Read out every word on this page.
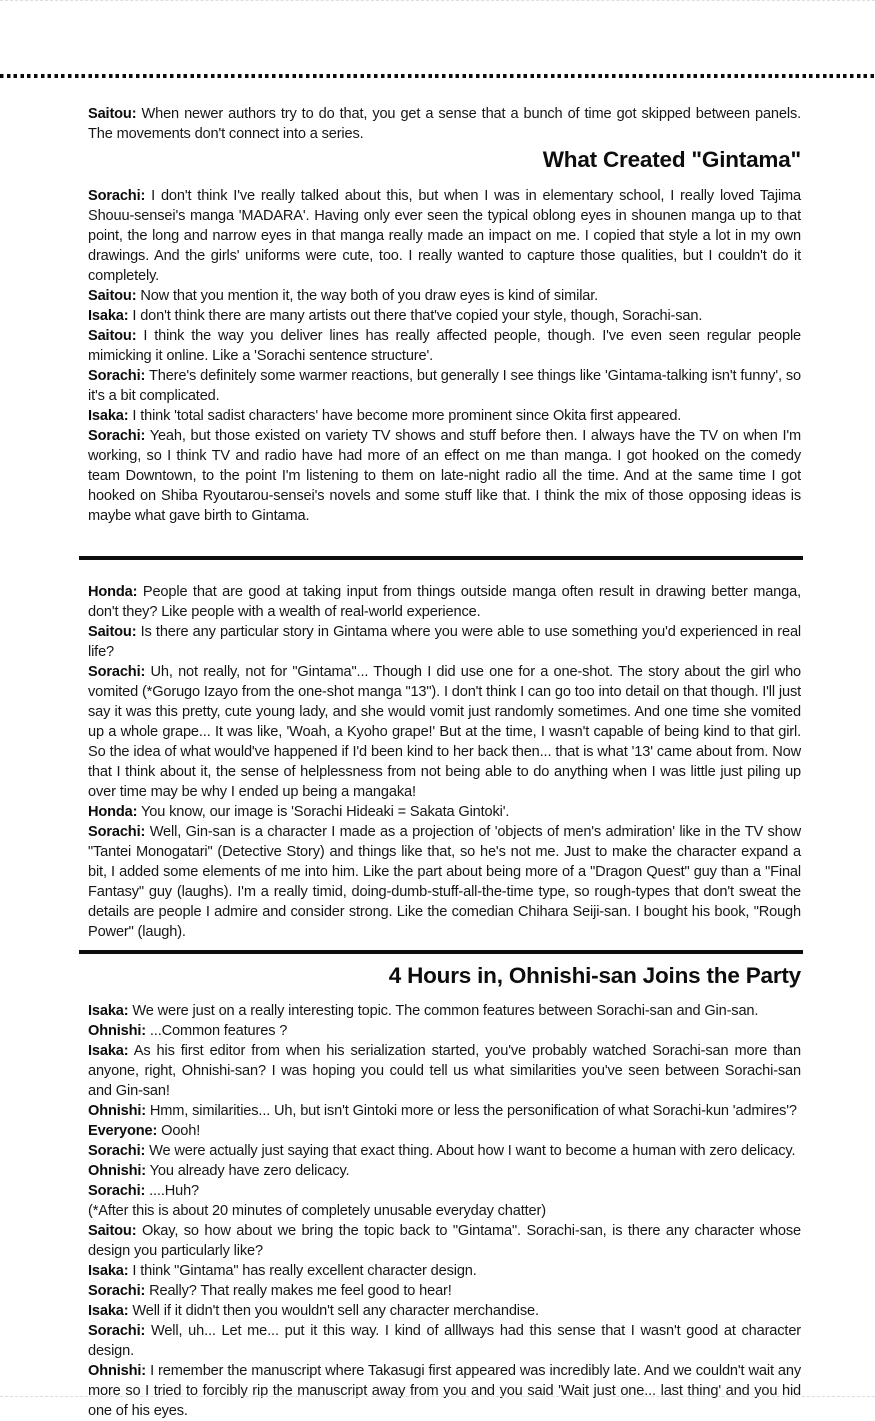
Saitou: When newer authors try to do that, you get a sense that a bunch of time got skipped between panels. The movements don't connect into a series.

What Created "Gintama"

Sorachi: I don't think I've really talked about this, but when I was in elementary school, I really loved Tajima Shouu-sensei's manga 'MADARA'. Having only ever seen the typical oblong eyes in shounen manga up to that point, the long and narrow eyes in that manga really made an impact on me. I copied that style a lot in my own drawings. And the girls' uniforms were cute, too. I really wanted to capture those qualities, but I couldn't do it completely.

Saitou: Now that you mention it, the way both of you draw eyes is kind of similar.

Isaka: I don't think there are many artists out there that've copied your style, though, Sorachi-san.

Saitou: I think the way you deliver lines has really affected people, though. I've even seen regular people mimicking it online. Like a 'Sorachi sentence structure'.

Sorachi: There's definitely some warmer reactions, but generally I see things like 'Gintama-talking isn't funny', so it's a bit complicated.

Isaka: I think 'total sadist characters' have become more prominent since Okita first appeared.

Sorachi: Yeah, but those existed on variety TV shows and stuff before then. I always have the TV on when I'm working, so I think TV and radio have had more of an effect on me than manga. I got hooked on the comedy team Downtown, to the point I'm listening to them on late-night radio all the time. And at the same time I got hooked on Shiba Ryoutarou-sensei's novels and some stuff like that. I think the mix of those opposing ideas is maybe what gave birth to Gintama.

Honda: People that are good at taking input from things outside manga often result in drawing better manga, don't they? Like people with a wealth of real-world experience.

Saitou: Is there any particular story in Gintama where you were able to use something you'd experienced in real life?

Sorachi: Uh, not really, not for "Gintama"... Though I did use one for a one-shot. The story about the girl who vomited (*Gorugo Izayo from the one-shot manga "13"). I don't think I can go too into detail on that though. I'll just say it was this pretty, cute young lady, and she would vomit just randomly sometimes. And one time she vomited up a whole grape... It was like, 'Woah, a Kyoho grape!' But at the time, I wasn't capable of being kind to that girl. So the idea of what would've happened if I'd been kind to her back then... that is what '13' came about from. Now that I think about it, the sense of helplessness from not being able to do anything when I was little just piling up over time may be why I ended up being a mangaka!

Honda: You know, our image is 'Sorachi Hideaki = Sakata Gintoki'.

Sorachi: Well, Gin-san is a character I made as a projection of 'objects of men's admiration' like in the TV show "Tantei Monogatari" (Detective Story) and things like that, so he's not me. Just to make the character expand a bit, I added some elements of me into him. Like the part about being more of a "Dragon Quest" guy than a "Final Fantasy" guy (laughs). I'm a really timid, doing-dumb-stuff-all-the-time type, so rough-types that don't sweat the details are people I admire and consider strong. Like the comedian Chihara Seiji-san. I bought his book, "Rough Power" (laugh).

4 Hours in, Ohnishi-san Joins the Party

Isaka: We were just on a really interesting topic. The common features between Sorachi-san and Gin-san.

Ohnishi: ...Common features ?

Isaka: As his first editor from when his serialization started, you've probably watched Sorachi-san more than anyone, right, Ohnishi-san? I was hoping you could tell us what similarities you've seen between Sorachi-san and Gin-san!

Ohnishi: Hmm, similarities... Uh, but isn't Gintoki more or less the personification of what Sorachi-kun 'admires'?

Everyone: Oooh!

Sorachi: We were actually just saying that exact thing. About how I want to become a human with zero delicacy.

Ohnishi: You already have zero delicacy.

Sorachi: ....Huh?

(*After this is about 20 minutes of completely unusable everyday chatter)

Saitou: Okay, so how about we bring the topic back to "Gintama". Sorachi-san, is there any character whose design you particularly like?

Isaka: I think "Gintama" has really excellent character design.

Sorachi: Really? That really makes me feel good to hear!

Isaka: Well if it didn't then you wouldn't sell any character merchandise.

Sorachi: Well, uh... Let me... put it this way. I kind of alllways had this sense that I wasn't good at character design.

Ohnishi: I remember the manuscript where Takasugi first appeared was incredibly late. And we couldn't wait any more so I tried to forcibly rip the manuscript away from you and you said 'Wait just one... last thing' and you hid one of his eyes.
